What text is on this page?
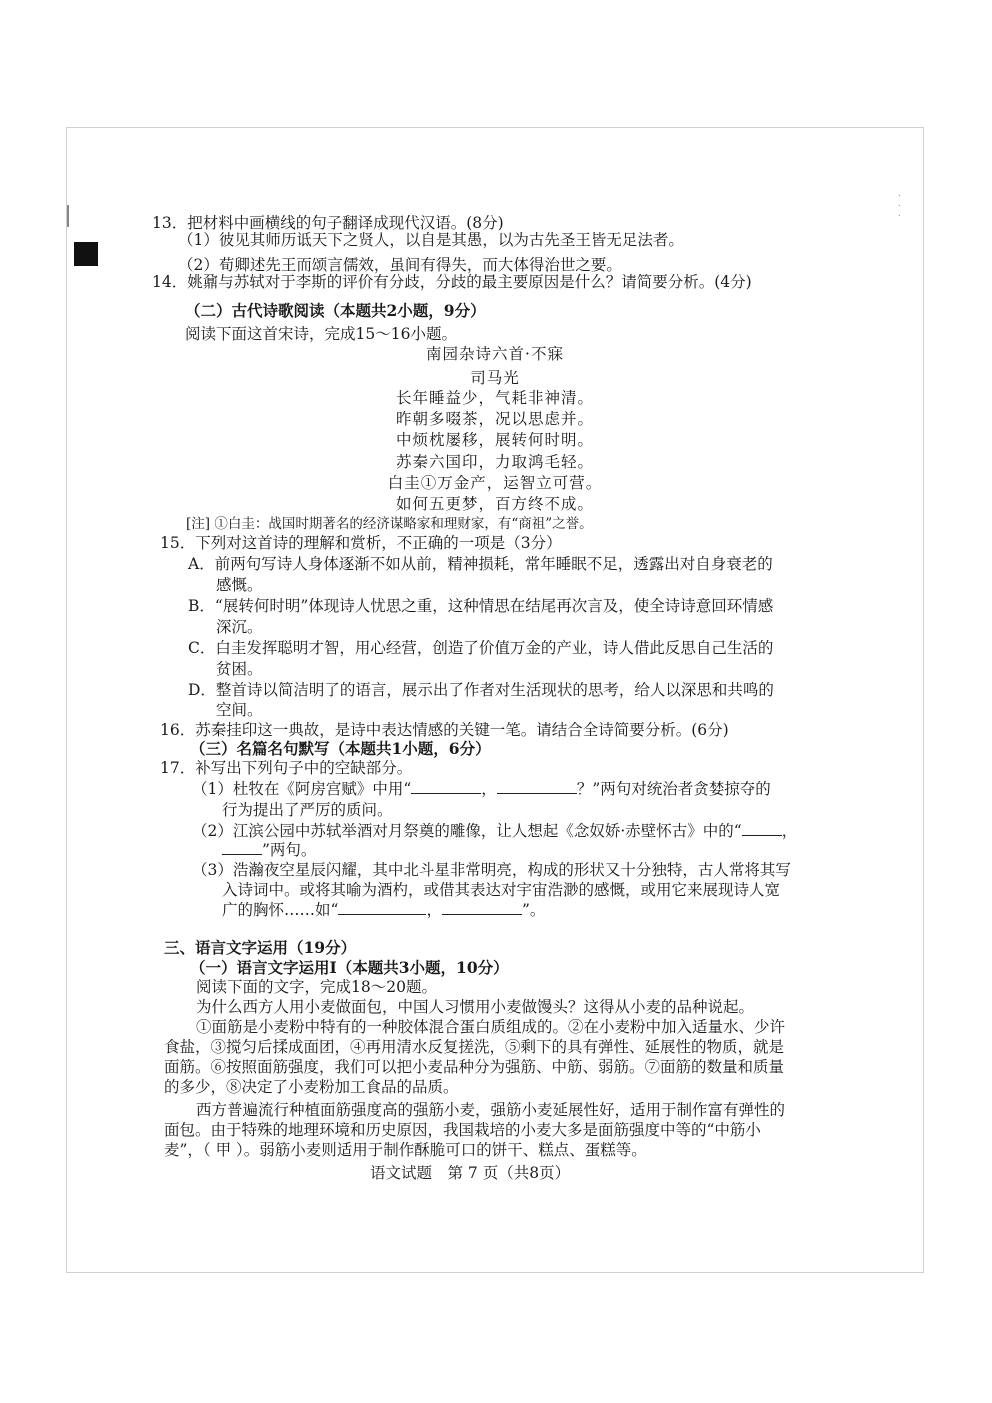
⸱
⸱
⸱
13．把材料中画横线的句子翻译成现代汉语。(8分)
（1）彼见其师历诋天下之贤人，以自是其愚，以为古先圣王皆无足法者。
（2）荀卿述先王而颂言儒效，虽间有得失，而大体得治世之要。
14．姚鼐与苏轼对于李斯的评价有分歧，分歧的最主要原因是什么？请简要分析。(4分)
（二）古代诗歌阅读（本题共2小题，9分）
阅读下面这首宋诗，完成15～16小题。
南园杂诗六首·不寐
司马光
长年睡益少，气耗非神清。
昨朝多啜茶，况以思虑并。
中烦枕屡移，展转何时明。
苏秦六国印，力取鸿毛轻。
白圭①万金产，运智立可营。
如何五更梦，百方终不成。
[注] ①白圭：战国时期著名的经济谋略家和理财家，有“商祖”之誉。
15．下列对这首诗的理解和赏析，不正确的一项是（3分）
A．前两句写诗人身体逐渐不如从前，精神损耗，常年睡眠不足，透露出对自身衰老的
感慨。
B．“展转何时明”体现诗人忧思之重，这种情思在结尾再次言及，使全诗诗意回环情感
深沉。
C．白圭发挥聪明才智，用心经营，创造了价值万金的产业，诗人借此反思自己生活的
贫困。
D．整首诗以简洁明了的语言，展示出了作者对生活现状的思考，给人以深思和共鸣的
空间。
16．苏秦挂印这一典故，是诗中表达情感的关键一笔。请结合全诗简要分析。(6分)
（三）名篇名句默写（本题共1小题，6分）
17．补写出下列句子中的空缺部分。
（1）杜牧在《阿房宫赋》中用“	，	？”两句对统治者贪婪掠夺的
行为提出了严厉的质问。
（2）江滨公园中苏轼举酒对月祭奠的雕像，让人想起《念奴娇·赤壁怀古》中的“	，
”两句。
（3）浩瀚夜空星辰闪耀，其中北斗星非常明亮，构成的形状又十分独特，古人常将其写
入诗词中。或将其喻为酒杓，或借其表达对宇宙浩渺的感慨，或用它来展现诗人宽
广的胸怀……如“	，	”。
三、语言文字运用（19分）
（一）语言文字运用Ⅰ（本题共3小题，10分）
阅读下面的文字，完成18～20题。
为什么西方人用小麦做面包，中国人习惯用小麦做馒头？这得从小麦的品种说起。
①面筋是小麦粉中特有的一种胶体混合蛋白质组成的。②在小麦粉中加入适量水、少许
食盐，③搅匀后揉成面团，④再用清水反复搓洗，⑤剩下的具有弹性、延展性的物质，就是
面筋。⑥按照面筋强度，我们可以把小麦品种分为强筋、中筋、弱筋。⑦面筋的数量和质量
的多少，⑧决定了小麦粉加工食品的品质。
西方普遍流行种植面筋强度高的强筋小麦，强筋小麦延展性好，适用于制作富有弹性的
面包。由于特殊的地理环境和历史原因，我国栽培的小麦大多是面筋强度中等的“中筋小
麦”，（ 甲 ）。弱筋小麦则适用于制作酥脆可口的饼干、糕点、蛋糕等。
语文试题　第 7 页（共8页）
